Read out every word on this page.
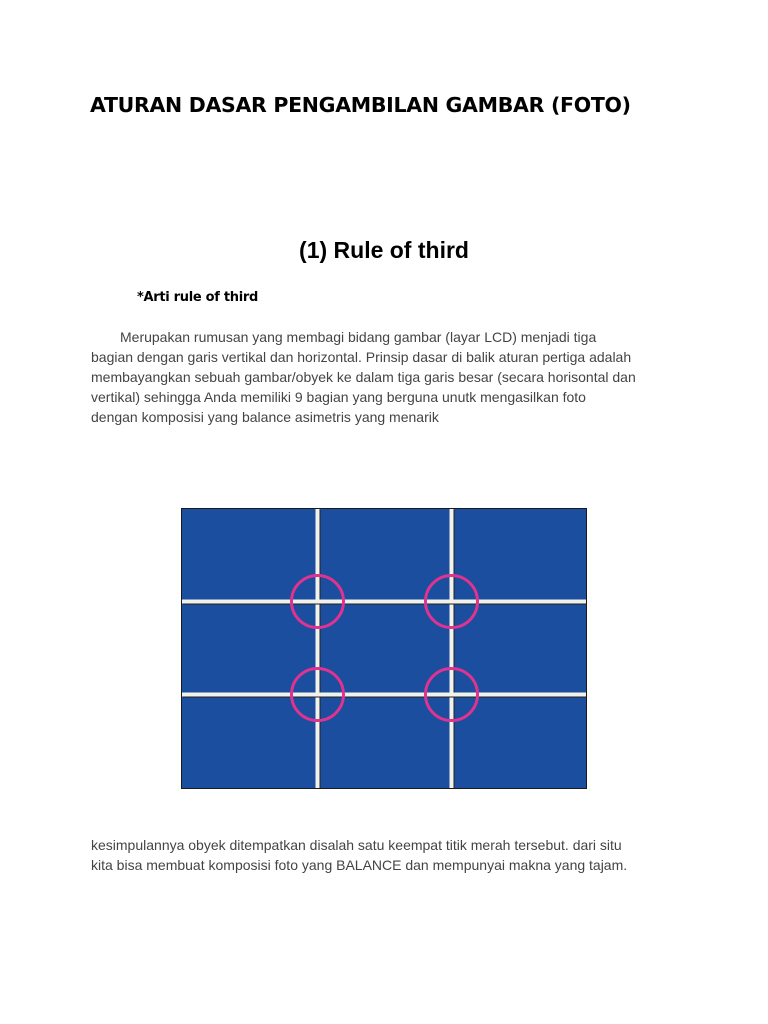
ATURAN DASAR PENGAMBILAN GAMBAR (FOTO)
(1) Rule of third
*Arti rule of third
Merupakan rumusan yang membagi bidang gambar (layar LCD) menjadi tiga
bagian dengan garis vertikal dan horizontal. Prinsip dasar di balik aturan pertiga adalah
membayangkan sebuah gambar/obyek ke dalam tiga garis besar (secara horisontal dan
vertikal) sehingga Anda memiliki 9 bagian yang berguna unutk mengasilkan foto
dengan komposisi yang balance asimetris yang menarik
kesimpulannya obyek ditempatkan disalah satu keempat titik merah tersebut. dari situ
kita bisa membuat komposisi foto yang BALANCE dan mempunyai makna yang tajam.
